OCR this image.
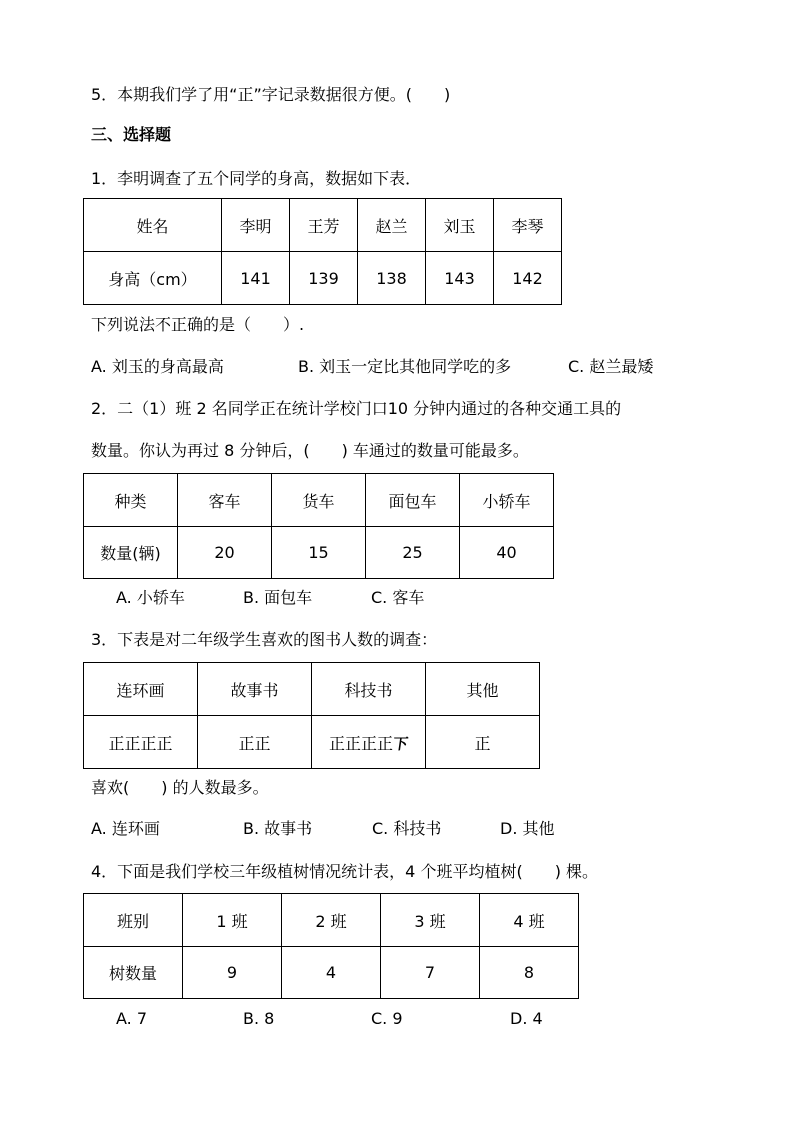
5．本期我们学了用“正”字记录数据很方便。(　　)
三、选择题
1．李明调查了五个同学的身高，数据如下表．
姓名	李明	王芳	赵兰	刘玉	李琴
身高（cm）	141	139	138	143	142
下列说法不正确的是（　　）.
A. 刘玉的身高最高	B. 刘玉一定比其他同学吃的多	C. 赵兰最矮
2．二（1）班 2 名同学正在统计学校门口10 分钟内通过的各种交通工具的
数量。你认为再过 8 分钟后，(　　) 车通过的数量可能最多。
种类	客车	货车	面包车	小轿车
数量(辆)	20	15	25	40
A. 小轿车	B. 面包车	C. 客车
3．下表是对二年级学生喜欢的图书人数的调查：
连环画	故事书	科技书	其他
正正正正	正正	正正正正下	正
喜欢(　　) 的人数最多。
A. 连环画	B. 故事书	C. 科技书	D. 其他
4．下面是我们学校三年级植树情况统计表，4 个班平均植树(　　) 棵。
班别	1 班	2 班	3 班	4 班
树数量	9	4	7	8
A. 7	B. 8	C. 9	D. 4
